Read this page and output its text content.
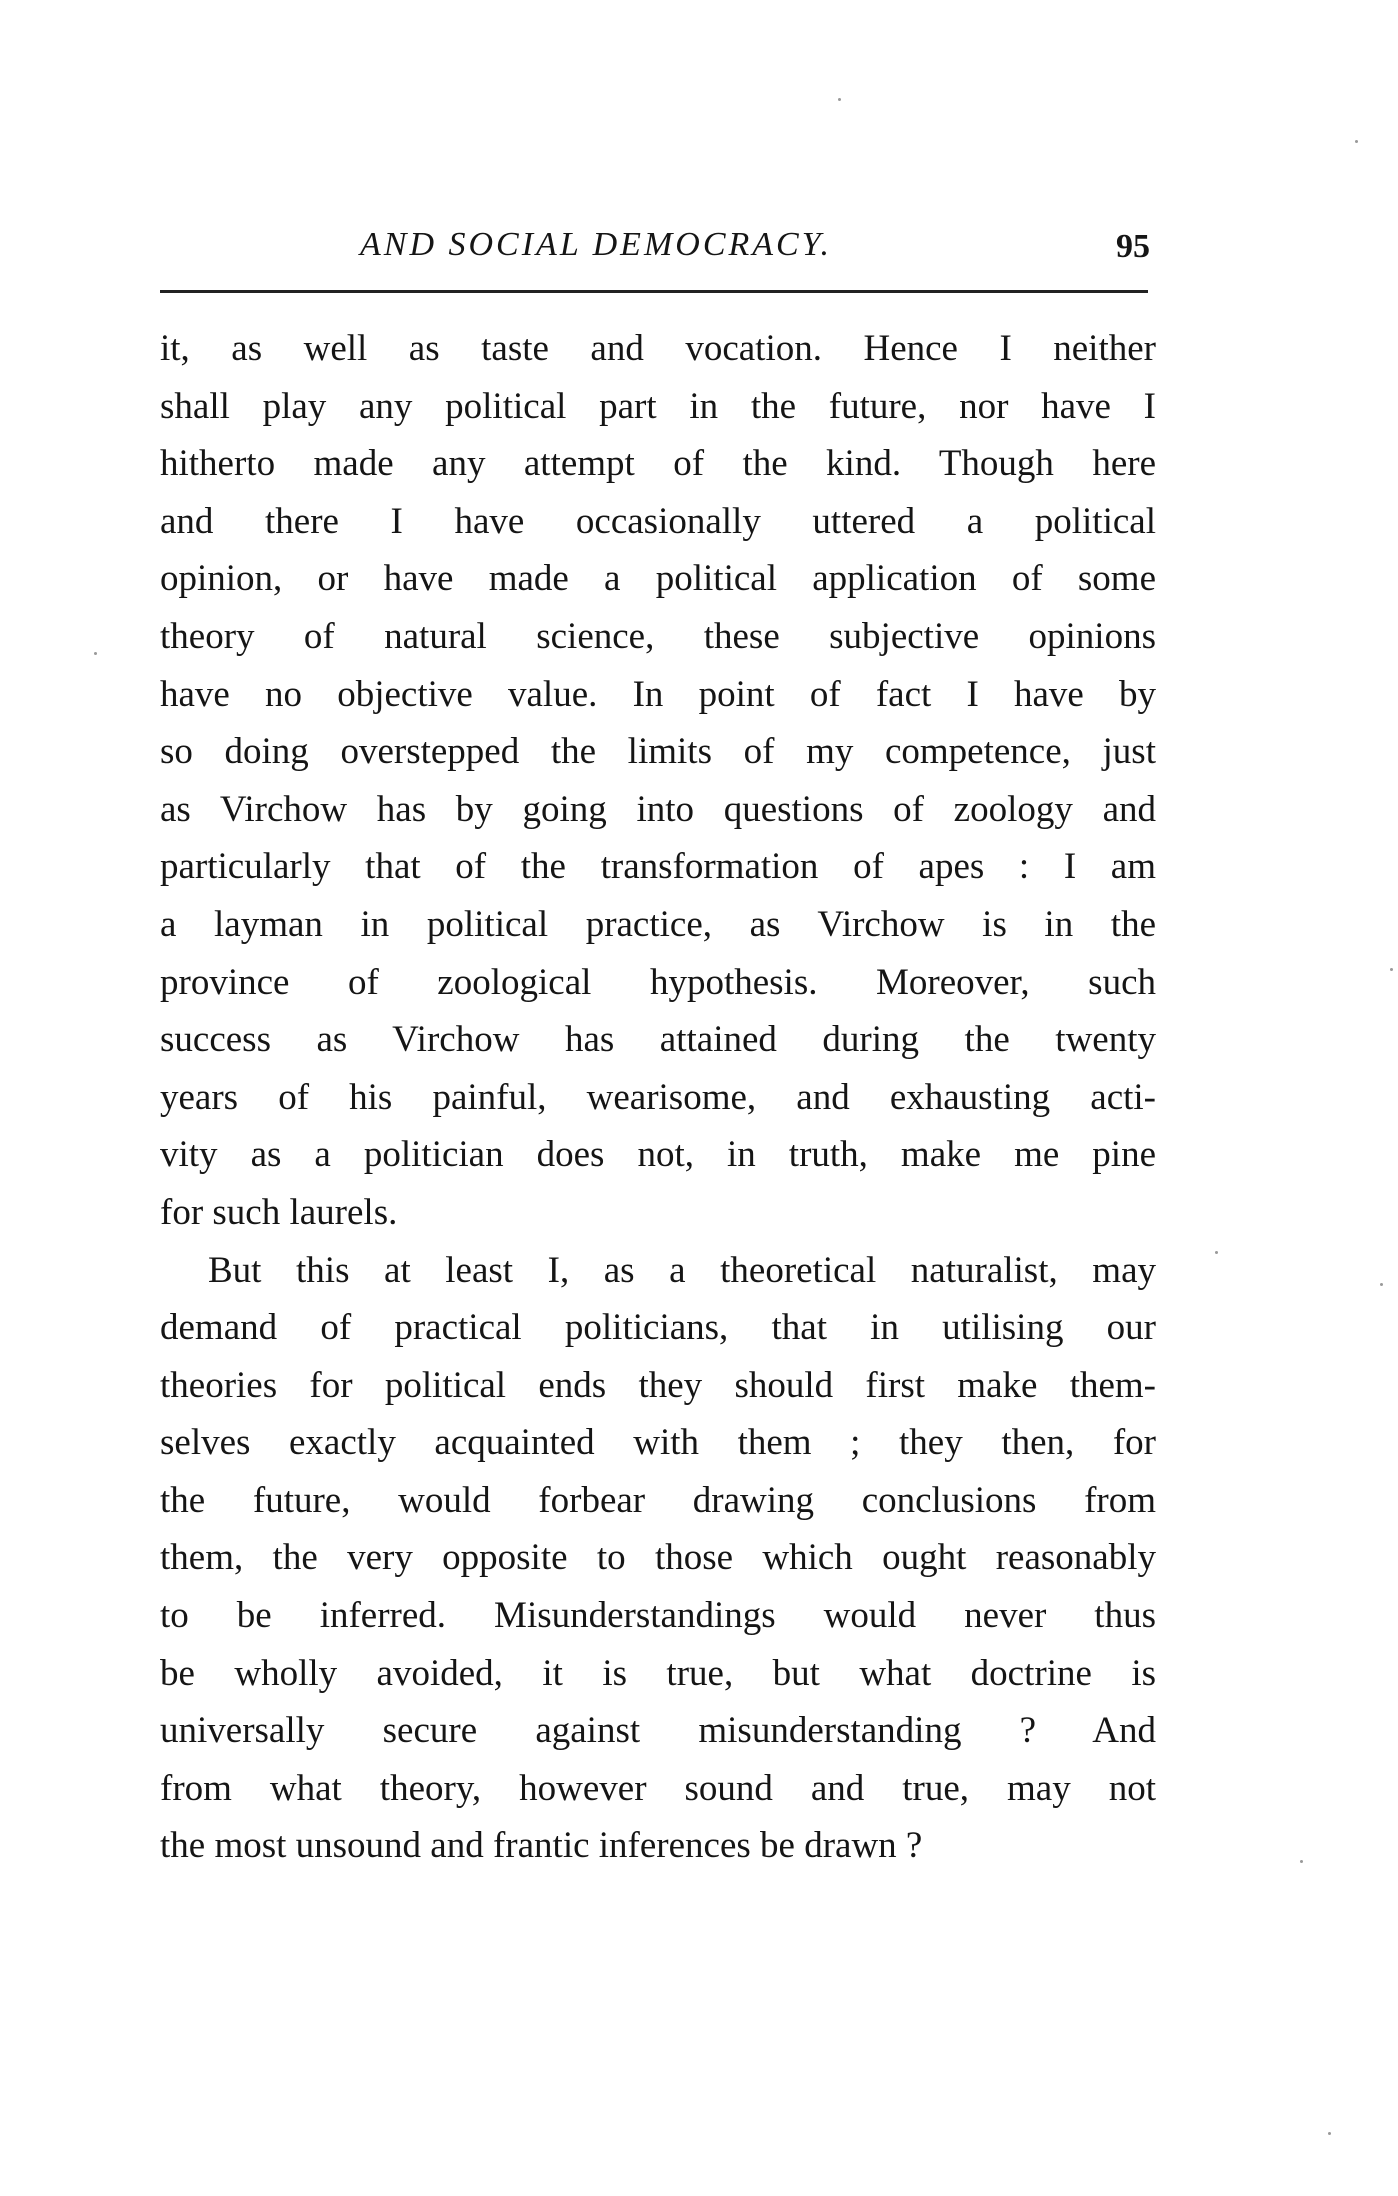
AND SOCIAL DEMOCRACY.	95
it, as well as taste and vocation. Hence I neither
shall play any political part in the future, nor have I
hitherto made any attempt of the kind. Though here
and there I have occasionally uttered a political
opinion, or have made a political application of some
theory of natural science, these subjective opinions
have no objective value. In point of fact I have by
so doing overstepped the limits of my competence, just
as Virchow has by going into questions of zoology and
particularly that of the transformation of apes : I am
a layman in political practice, as Virchow is in the
province of zoological hypothesis. Moreover, such
success as Virchow has attained during the twenty
years of his painful, wearisome, and exhausting acti-
vity as a politician does not, in truth, make me pine
for such laurels.
But this at least I, as a theoretical naturalist, may
demand of practical politicians, that in utilising our
theories for political ends they should first make them-
selves exactly acquainted with them ; they then, for
the future, would forbear drawing conclusions from
them, the very opposite to those which ought reasonably
to be inferred. Misunderstandings would never thus
be wholly avoided, it is true, but what doctrine is
universally secure against misunderstanding ? And
from what theory, however sound and true, may not
the most unsound and frantic inferences be drawn ?
